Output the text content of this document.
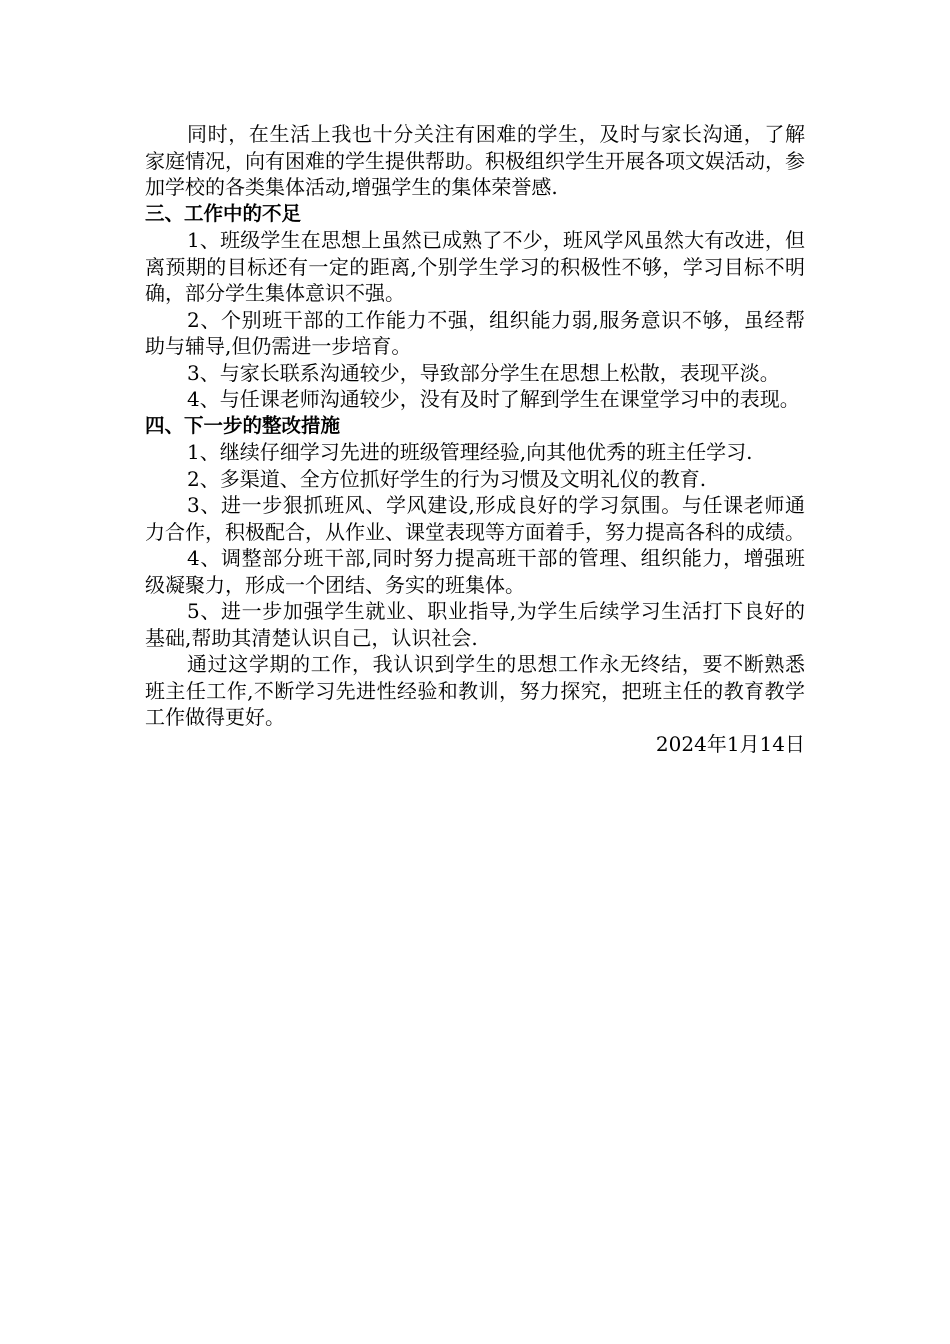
同时，在生活上我也十分关注有困难的学生，及时与家长沟通，了解家庭情况，向有困难的学生提供帮助。积极组织学生开展各项文娱活动，参加学校的各类集体活动,增强学生的集体荣誉感.

三、工作中的不足

1、班级学生在思想上虽然已成熟了不少，班风学风虽然大有改进，但离预期的目标还有一定的距离,个别学生学习的积极性不够，学习目标不明确，部分学生集体意识不强。

2、个别班干部的工作能力不强，组织能力弱,服务意识不够，虽经帮助与辅导,但仍需进一步培育。

3、与家长联系沟通较少，导致部分学生在思想上松散，表现平淡。

4、与任课老师沟通较少，没有及时了解到学生在课堂学习中的表现。

四、下一步的整改措施

1、继续仔细学习先进的班级管理经验,向其他优秀的班主任学习.

2、多渠道、全方位抓好学生的行为习惯及文明礼仪的教育.

3、进一步狠抓班风、学风建设,形成良好的学习氛围。与任课老师通力合作，积极配合，从作业、课堂表现等方面着手，努力提高各科的成绩。

4、调整部分班干部,同时努力提高班干部的管理、组织能力，增强班级凝聚力，形成一个团结、务实的班集体。

5、进一步加强学生就业、职业指导,为学生后续学习生活打下良好的基础,帮助其清楚认识自己，认识社会.

通过这学期的工作，我认识到学生的思想工作永无终结，要不断熟悉班主任工作,不断学习先进性经验和教训，努力探究，把班主任的教育教学工作做得更好。

2024年1月14日
